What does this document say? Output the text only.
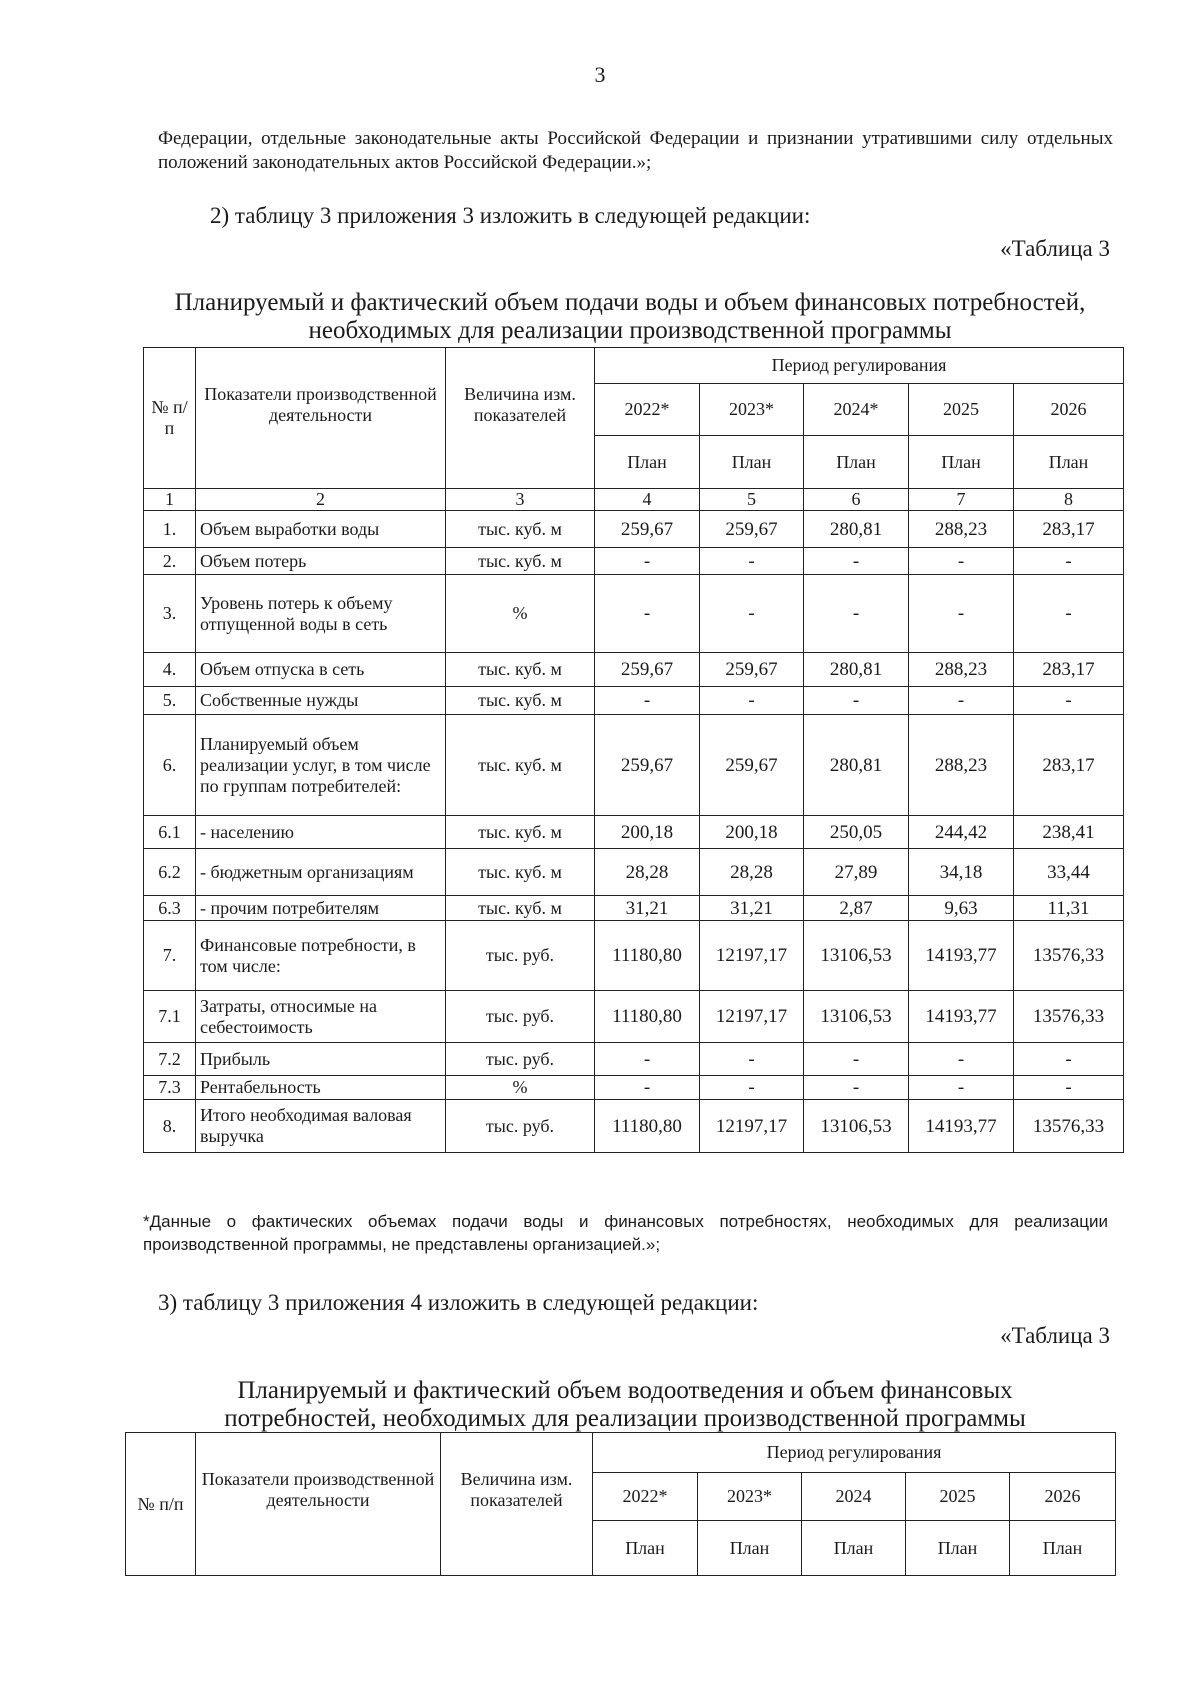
3
Федерации, отдельные законодательные акты Российской Федерации и признании утратившими силу отдельных положений законодательных актов Российской Федерации.»;
2) таблицу 3 приложения 3 изложить в следующей редакции:
«Таблица 3
Планируемый и фактический объем подачи воды и объем финансовых потребностей,
необходимых для реализации производственной программы
№ п/п	Показатели производственной деятельности	Величина изм. показателей	Период регулирования				
			2022*	2023*	2024*	2025	2026
			План	План	План	План	План
1	2	3	4	5	6	7	8
1.	Объем выработки воды	тыс. куб. м	259,67	259,67	280,81	288,23	283,17
2.	Объем потерь	тыс. куб. м	-	-	-	-	-
3.	Уровень потерь к объему отпущенной воды в сеть	%	-	-	-	-	-
4.	Объем отпуска в сеть	тыс. куб. м	259,67	259,67	280,81	288,23	283,17
5.	Собственные нужды	тыс. куб. м	-	-	-	-	-
6.	Планируемый объем реализации услуг, в том числе по группам потребителей:	тыс. куб. м	259,67	259,67	280,81	288,23	283,17
6.1	- населению	тыс. куб. м	200,18	200,18	250,05	244,42	238,41
6.2	- бюджетным организациям	тыс. куб. м	28,28	28,28	27,89	34,18	33,44
6.3	- прочим потребителям	тыс. куб. м	31,21	31,21	2,87	9,63	11,31
7.	Финансовые потребности, в том числе:	тыс. руб.	11180,80	12197,17	13106,53	14193,77	13576,33
7.1	Затраты, относимые на себестоимость	тыс. руб.	11180,80	12197,17	13106,53	14193,77	13576,33
7.2	Прибыль	тыс. руб.	-	-	-	-	-
7.3	Рентабельность	%	-	-	-	-	-
8.	Итого необходимая валовая выручка	тыс. руб.	11180,80	12197,17	13106,53	14193,77	13576,33
*Данные о фактических объемах подачи воды и финансовых потребностях, необходимых для реализации производственной программы, не представлены организацией.»;
3) таблицу 3 приложения 4 изложить в следующей редакции:
«Таблица 3
Планируемый и фактический объем водоотведения и объем финансовых
потребностей, необходимых для реализации производственной программы
№ п/п	Показатели производственной деятельности	Величина изм. показателей	Период регулирования				
			2022*	2023*	2024	2025	2026
			План	План	План	План	План
